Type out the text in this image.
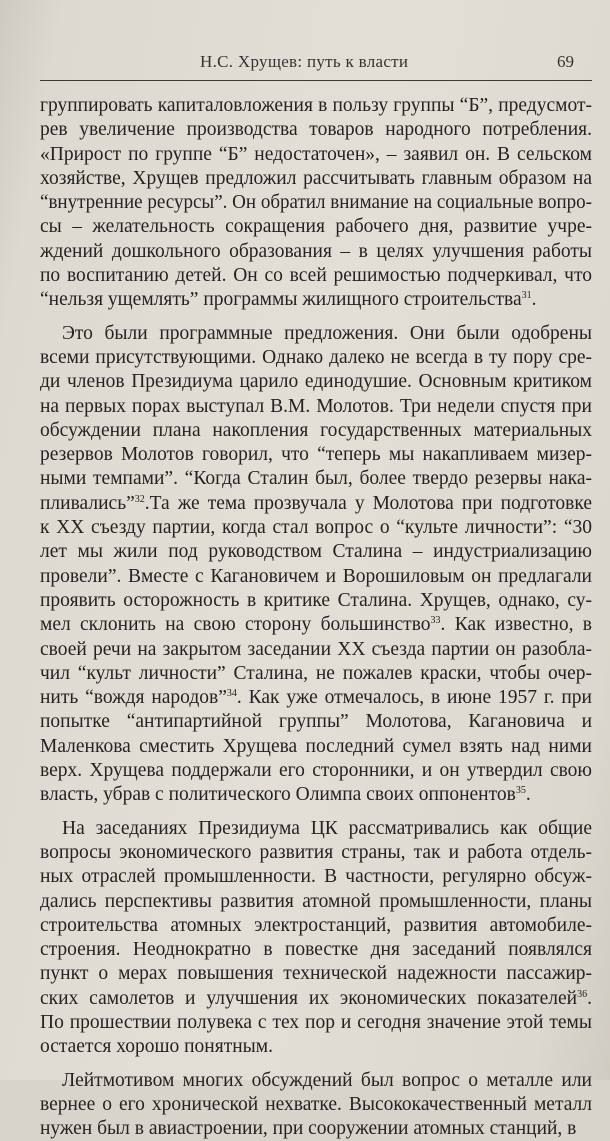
Н.С. Хрущев: путь к власти	69
группировать капиталовложения в пользу группы “Б”, предусмот-
рев увеличение производства товаров народного потребления.
«Прирост по группе “Б” недостаточен», – заявил он. В сельском
хозяйстве, Хрущев предложил рассчитывать главным образом на
“внутренние ресурсы”. Он обратил внимание на социальные вопро-
сы – желательность сокращения рабочего дня, развитие учре-
ждений дошкольного образования – в целях улучшения работы
по воспитанию детей. Он со всей решимостью подчеркивал, что
“нельзя ущемлять” программы жилищного строительства$^{31}$.
Это были программные предложения. Они были одобрены
всеми присутствующими. Однако далеко не всегда в ту пору сре-
ди членов Президиума царило единодушие. Основным критиком
на первых порах выступал В.М. Молотов. Три недели спустя при
обсуждении плана накопления государственных материальных
резервов Молотов говорил, что “теперь мы накапливаем мизер-
ными темпами”. “Когда Сталин был, более твердо резервы нака-
пливались”$^{32}$.Та же тема прозвучала у Молотова при подготовке
к XX съезду партии, когда стал вопрос о “культе личности”: “30
лет мы жили под руководством Сталина – индустриализацию
провели”. Вместе с Кагановичем и Ворошиловым он предлагали
проявить осторожность в критике Сталина. Хрущев, однако, су-
мел склонить на свою сторону большинство$^{33}$. Как известно, в
своей речи на закрытом заседании XX съезда партии он разобла-
чил “культ личности” Сталина, не пожалев краски, чтобы очер-
нить “вождя народов”$^{34}$. Как уже отмечалось, в июне 1957 г. при
попытке “антипартийной группы” Молотова, Кагановича и
Маленкова сместить Хрущева последний сумел взять над ними
верх. Хрущева поддержали его сторонники, и он утвердил свою
власть, убрав с политического Олимпа своих оппонентов$^{35}$.
На заседаниях Президиума ЦК рассматривались как общие
вопросы экономического развития страны, так и работа отдель-
ных отраслей промышленности. В частности, регулярно обсуж-
дались перспективы развития атомной промышленности, планы
строительства атомных электростанций, развития автомобиле-
строения. Неоднократно в повестке дня заседаний появлялся
пункт о мерах повышения технической надежности пассажир-
ских самолетов и улучшения их экономических показателей$^{36}$.
По прошествии полувека с тех пор и сегодня значение этой темы
остается хорошо понятным.
Лейтмотивом многих обсуждений был вопрос о металле или
вернее о его хронической нехватке. Высококачественный металл
нужен был в авиастроении, при сооружении атомных станций, в
